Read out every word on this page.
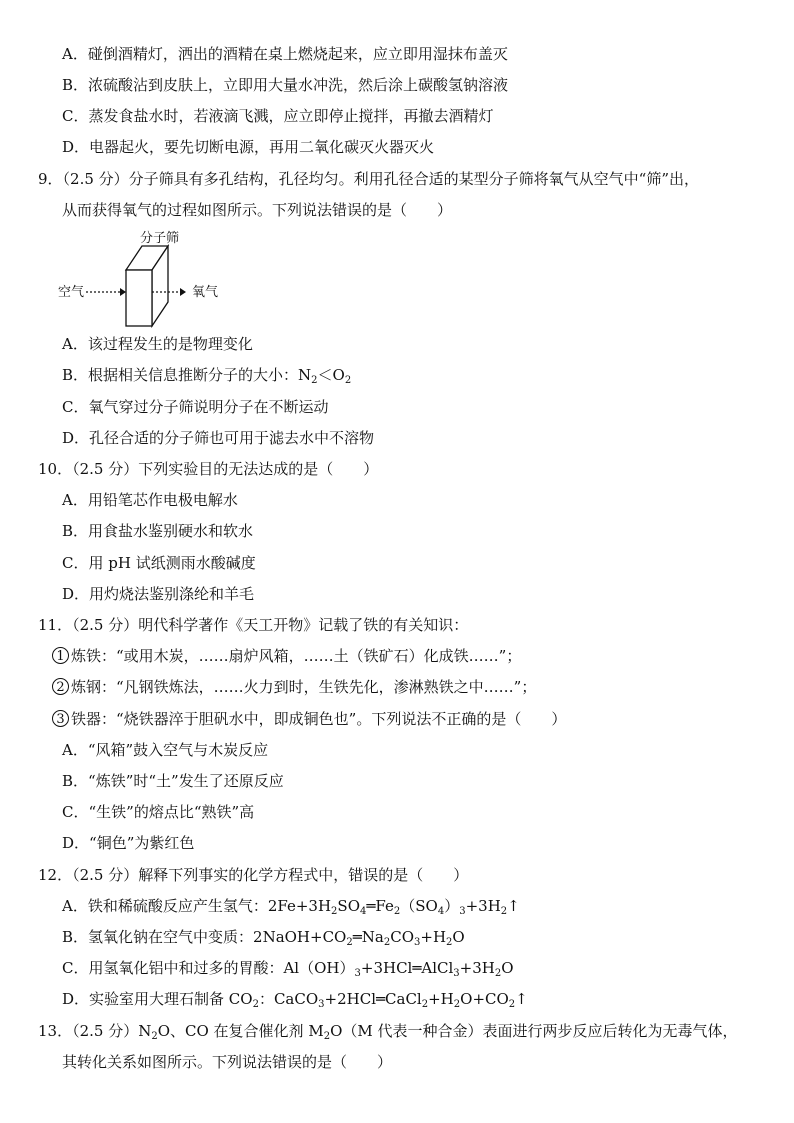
A．碰倒酒精灯，洒出的酒精在桌上燃烧起来，应立即用湿抹布盖灭
B．浓硫酸沾到皮肤上，立即用大量水冲洗，然后涂上碳酸氢钠溶液
C．蒸发食盐水时，若液滴飞溅，应立即停止搅拌，再撤去酒精灯
D．电器起火，要先切断电源，再用二氧化碳灭火器灭火
9．（2.5 分）分子筛具有多孔结构，孔径均匀。利用孔径合适的某型分子筛将氧气从空气中“筛”出，
从而获得氧气的过程如图所示。下列说法错误的是（　　）
分子筛
空气	氧气
A．该过程发生的是物理变化
B．根据相关信息推断分子的大小：$N_2<O_2$
C．氧气穿过分子筛说明分子在不断运动
D．孔径合适的分子筛也可用于滤去水中不溶物
10．（2.5 分）下列实验目的无法达成的是（　　）
A．用铅笔芯作电极电解水
B．用食盐水鉴别硬水和软水
C．用 pH 试纸测雨水酸碱度
D．用灼烧法鉴别涤纶和羊毛
11．（2.5 分）明代科学著作《天工开物》记载了铁的有关知识：
1 炼铁：“或用木炭，……扇炉风箱，……土（铁矿石）化成铁……”；
2 炼钢：“凡钢铁炼法，……火力到时，生铁先化，渗淋熟铁之中……”；
3 铁器：“烧铁器淬于胆矾水中，即成铜色也”。下列说法不正确的是（　　）
A．“风箱”鼓入空气与木炭反应
B．“炼铁”时“土”发生了还原反应
C．“生铁”的熔点比“熟铁”高
D．“铜色”为紫红色
12．（2.5 分）解释下列事实的化学方程式中，错误的是（　　）
A．铁和稀硫酸反应产生氢气：$2Fe+3H_2SO_4═Fe_2(SO_4)_3+3H_2↑$
B．氢氧化钠在空气中变质：$2NaOH+CO_2═Na_2CO_3+H_2O$
C．用氢氧化铝中和过多的胃酸：$Al(OH)_3+3HCl═AlCl_3+3H_2O$
D．实验室用大理石制备 $CO_2$：$CaCO_3+2HCl═CaCl_2+H_2O+CO_2↑$
13．（2.5 分）$N_2O$、CO 在复合催化剂 $M_2O(M$ 代表一种合金）表面进行两步反应后转化为无毒气体，
其转化关系如图所示。下列说法错误的是（　　）
